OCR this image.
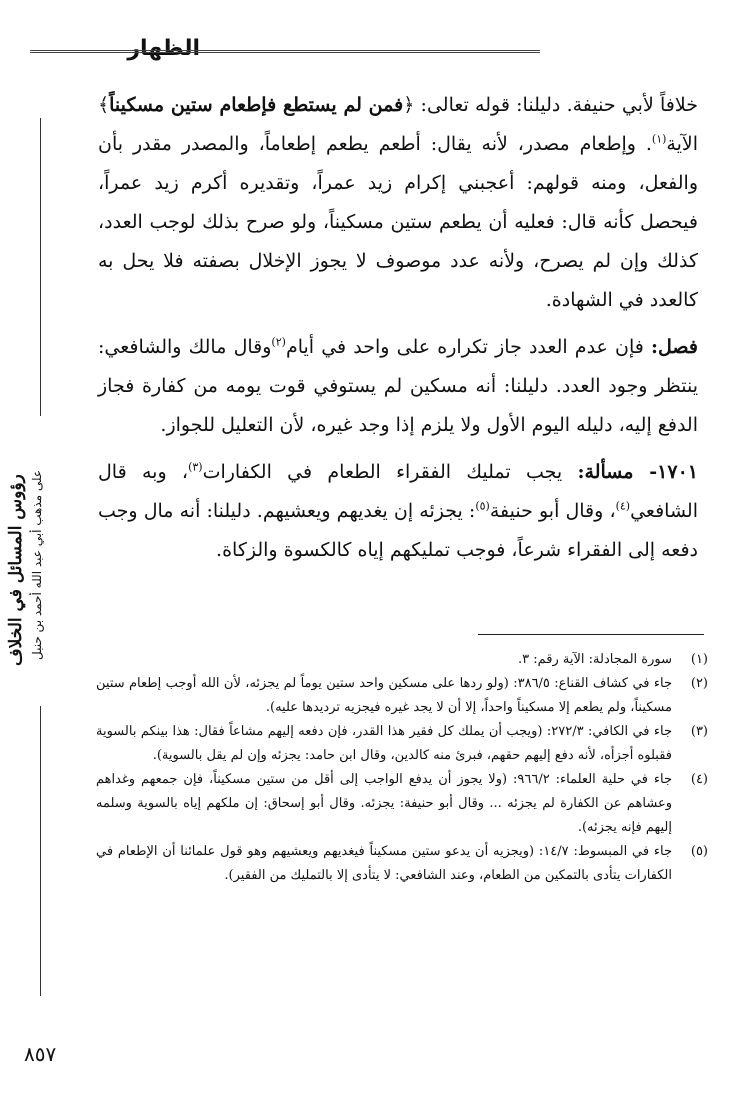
الظهار
رؤوس المسائل في الخلاف على مذهب أبي عبد الله أحمد بن حنبل

خلافاً لأبي حنيفة. دليلنا: قوله تعالى: ﴿فمن لم يستطع فإطعام ستين مسكيناً﴾ الآية$^{(١)}$. وإطعام مصدر، لأنه يقال: أطعم يطعم إطعاماً، والمصدر مقدر بأن والفعل، ومنه قولهم: أعجبني إكرام زيد عمراً، وتقديره أكرم زيد عمراً، فيحصل كأنه قال: فعليه أن يطعم ستين مسكيناً، ولو صرح بذلك لوجب العدد، كذلك وإن لم يصرح، ولأنه عدد موصوف لا يجوز الإخلال بصفته فلا يحل به كالعدد في الشهادة.

فصل: فإن عدم العدد جاز تكراره على واحد في أيام$^{(٢)}$وقال مالك والشافعي: ينتظر وجود العدد. دليلنا: أنه مسكين لم يستوفي قوت يومه من كفارة فجاز الدفع إليه، دليله اليوم الأول ولا يلزم إذا وجد غيره، لأن التعليل للجواز.

١٧٠١- مسألة: يجب تمليك الفقراء الطعام في الكفارات$^{(٣)}$، وبه قال الشافعي$^{(٤)}$، وقال أبو حنيفة$^{(٥)}$: يجزئه إن يغديهم ويعشيهم. دليلنا: أنه مال وجب دفعه إلى الفقراء شرعاً، فوجب تمليكهم إياه كالكسوة والزكاة.

(١)
سورة المجادلة: الآية رقم: ٣.

(٢)
جاء في كشاف القناع: ٣٨٦/٥: (ولو ردها على مسكين واحد ستين يوماً لم يجزئه، لأن الله أوجب إطعام ستين مسكيناً، ولم يطعم إلا مسكيناً واحداً، إلا أن لا يجد غيره فيجزيه ترديدها عليه).

(٣)
جاء في الكافي: ٢٧٢/٣: (ويجب أن يملك كل فقير هذا القدر، فإن دفعه إليهم مشاعاً فقال: هذا بينكم بالسوية فقبلوه أجزأه، لأنه دفع إليهم حقهم، فبرئ منه كالدين، وقال ابن حامد: يجزئه وإن لم يقل بالسوية).

(٤)
جاء في حلية العلماء: ٩٦٦/٢: (ولا يجوز أن يدفع الواجب إلى أقل من ستين مسكيناً، فإن جمعهم وغداهم وعشاهم عن الكفارة لم يجزئه ... وقال أبو حنيفة: يجزئه. وقال أبو إسحاق: إن ملكهم إياه بالسوية وسلمه إليهم فإنه يجزئه).

(٥)
جاء في المبسوط: ١٤/٧: (ويجزيه أن يدعو ستين مسكيناً فيغديهم ويعشيهم وهو قول علمائنا أن الإطعام في الكفارات يتأدى بالتمكين من الطعام، وعند الشافعي: لا يتأدى إلا بالتمليك من الفقير).

٨٥٧
